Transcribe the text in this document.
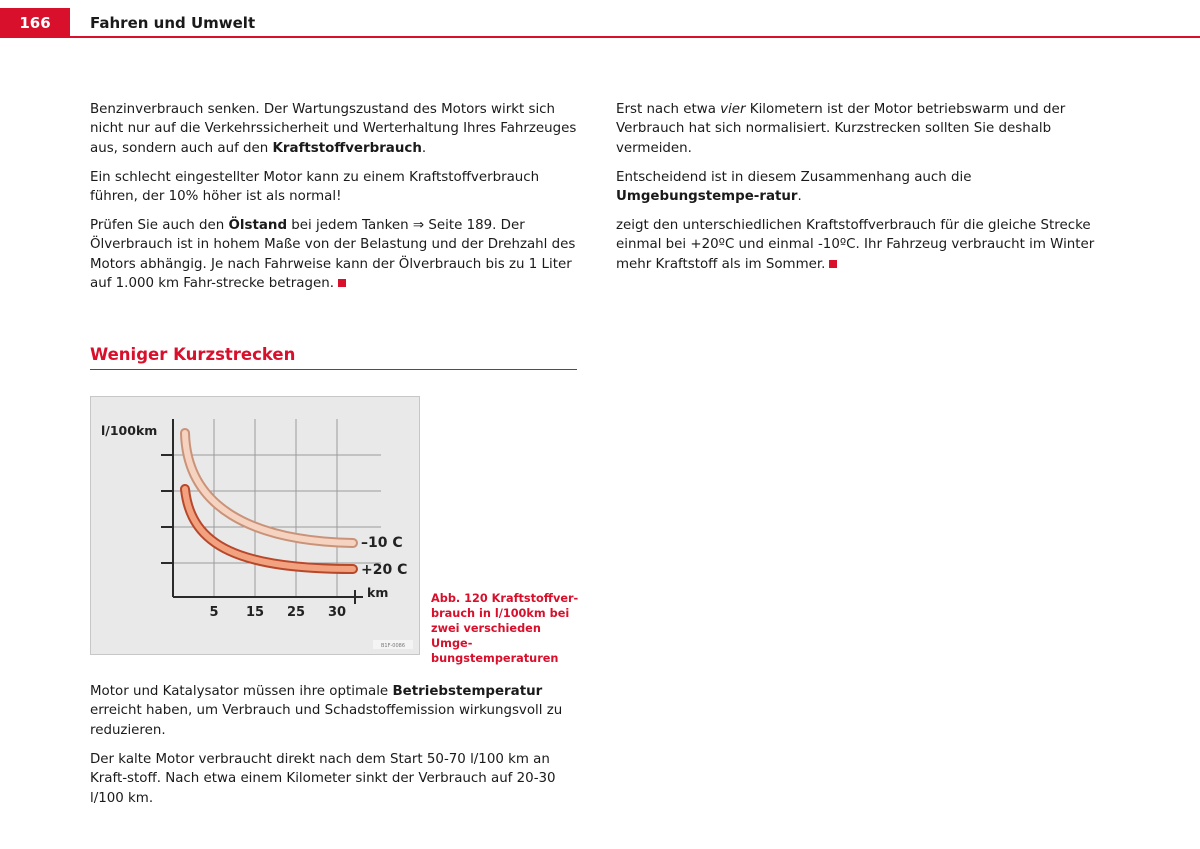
166	Fahren und Umwelt

Benzinverbrauch senken. Der Wartungszustand des Motors wirkt sich nicht nur auf die Verkehrssicherheit und Werterhaltung Ihres Fahrzeuges aus, sondern auch auf den Kraftstoffverbrauch.

Ein schlecht eingestellter Motor kann zu einem Kraftstoffverbrauch führen, der 10% höher ist als normal!

Prüfen Sie auch den Ölstand bei jedem Tanken ⇒ Seite 189. Der Ölverbrauch ist in hohem Maße von der Belastung und der Drehzahl des Motors abhängig. Je nach Fahrweise kann der Ölverbrauch bis zu 1 Liter auf 1.000 km Fahr-strecke betragen.

Weniger Kurzstrecken
l/100km
km
5 15 25 30
–10 C
+20 C
B1F-0086
Abb. 120 Kraftstoffver-brauch in l/100km bei zwei verschieden Umge-bungstemperaturen

Motor und Katalysator müssen ihre optimale Betriebstemperatur erreicht haben, um Verbrauch und Schadstoffemission wirkungsvoll zu reduzieren.

Der kalte Motor verbraucht direkt nach dem Start 50-70 l/100 km an Kraft-stoff. Nach etwa einem Kilometer sinkt der Verbrauch auf 20-30 l/100 km.

Erst nach etwa vier Kilometern ist der Motor betriebswarm und der Verbrauch hat sich normalisiert. Kurzstrecken sollten Sie deshalb vermeiden.

Entscheidend ist in diesem Zusammenhang auch die Umgebungstempe-ratur.

zeigt den unterschiedlichen Kraftstoffverbrauch für die gleiche Strecke einmal bei +20ºC und einmal -10ºC. Ihr Fahrzeug verbraucht im Winter mehr Kraftstoff als im Sommer.
